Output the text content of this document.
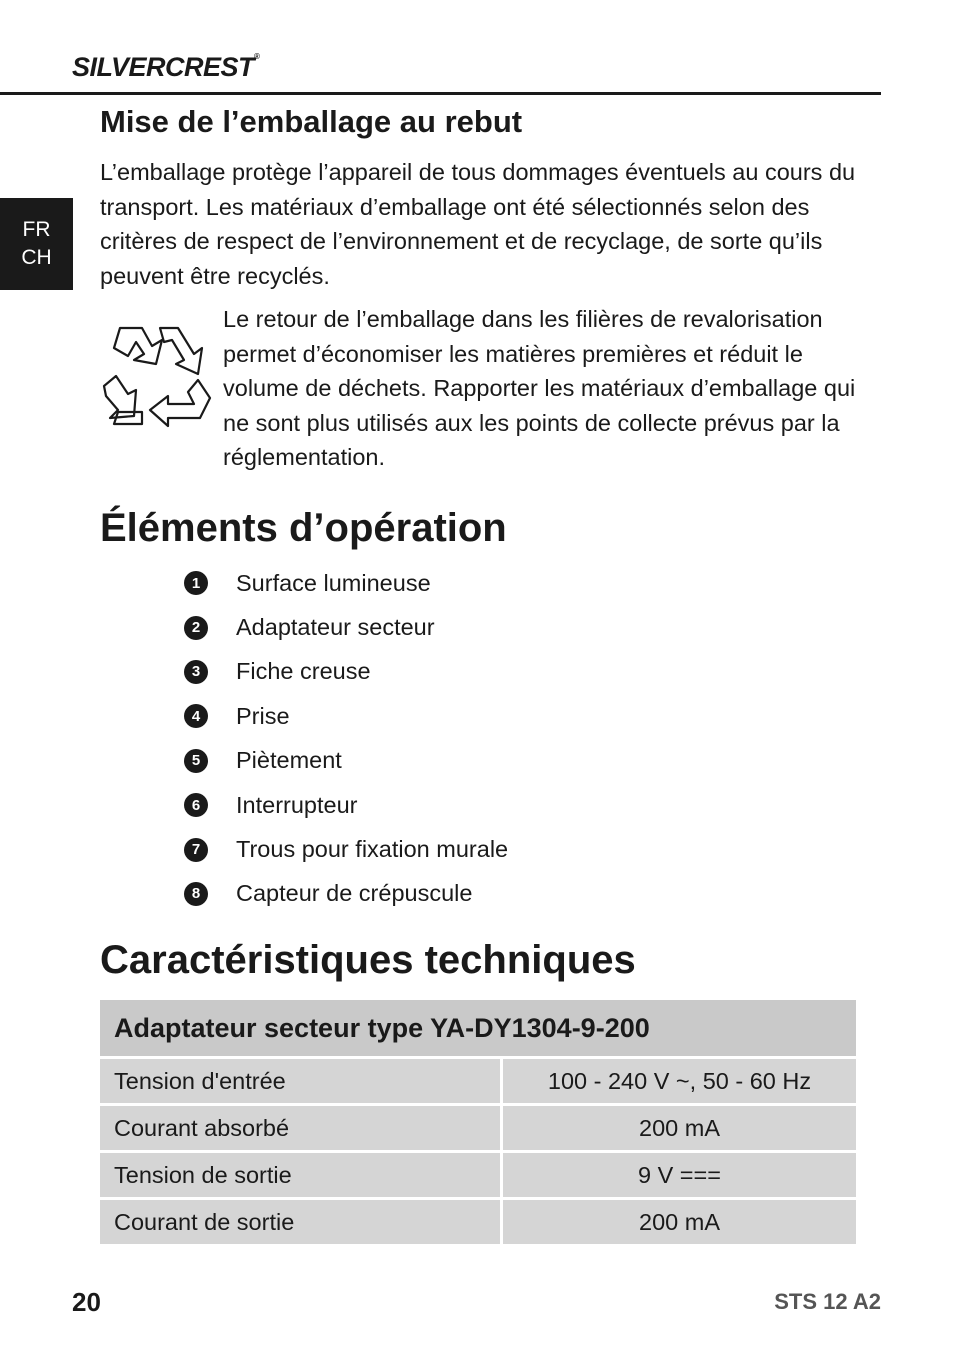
SILVERCREST®
FR
CH
Mise de l’emballage au rebut

L’emballage protège l’appareil de tous dommages éventuels au cours du transport. Les matériaux d’emballage ont été sélectionnés selon des critères de respect de l’environnement et de recyclage, de sorte qu’ils peuvent être recyclés.

Le retour de l’emballage dans les filières de revalorisation permet d’économiser les matières premières et réduit le volume de déchets. Rapporter les matériaux d’emballage qui ne sont plus utilisés aux les points de collecte prévus par la réglementation.

Éléments d’opération
1	Surface lumineuse
2	Adaptateur secteur
3	Fiche creuse
4	Prise
5	Piètement
6	Interrupteur
7	Trous pour fixation murale
8	Capteur de crépuscule
Caractéristiques techniques
Adaptateur secteur type YA-DY1304-9-200	
Tension d'entrée	100 - 240 V ~, 50 - 60 Hz
Courant absorbé	200 mA
Tension de sortie	9 V ===
Courant de sortie	200 mA
20	STS 12 A2
